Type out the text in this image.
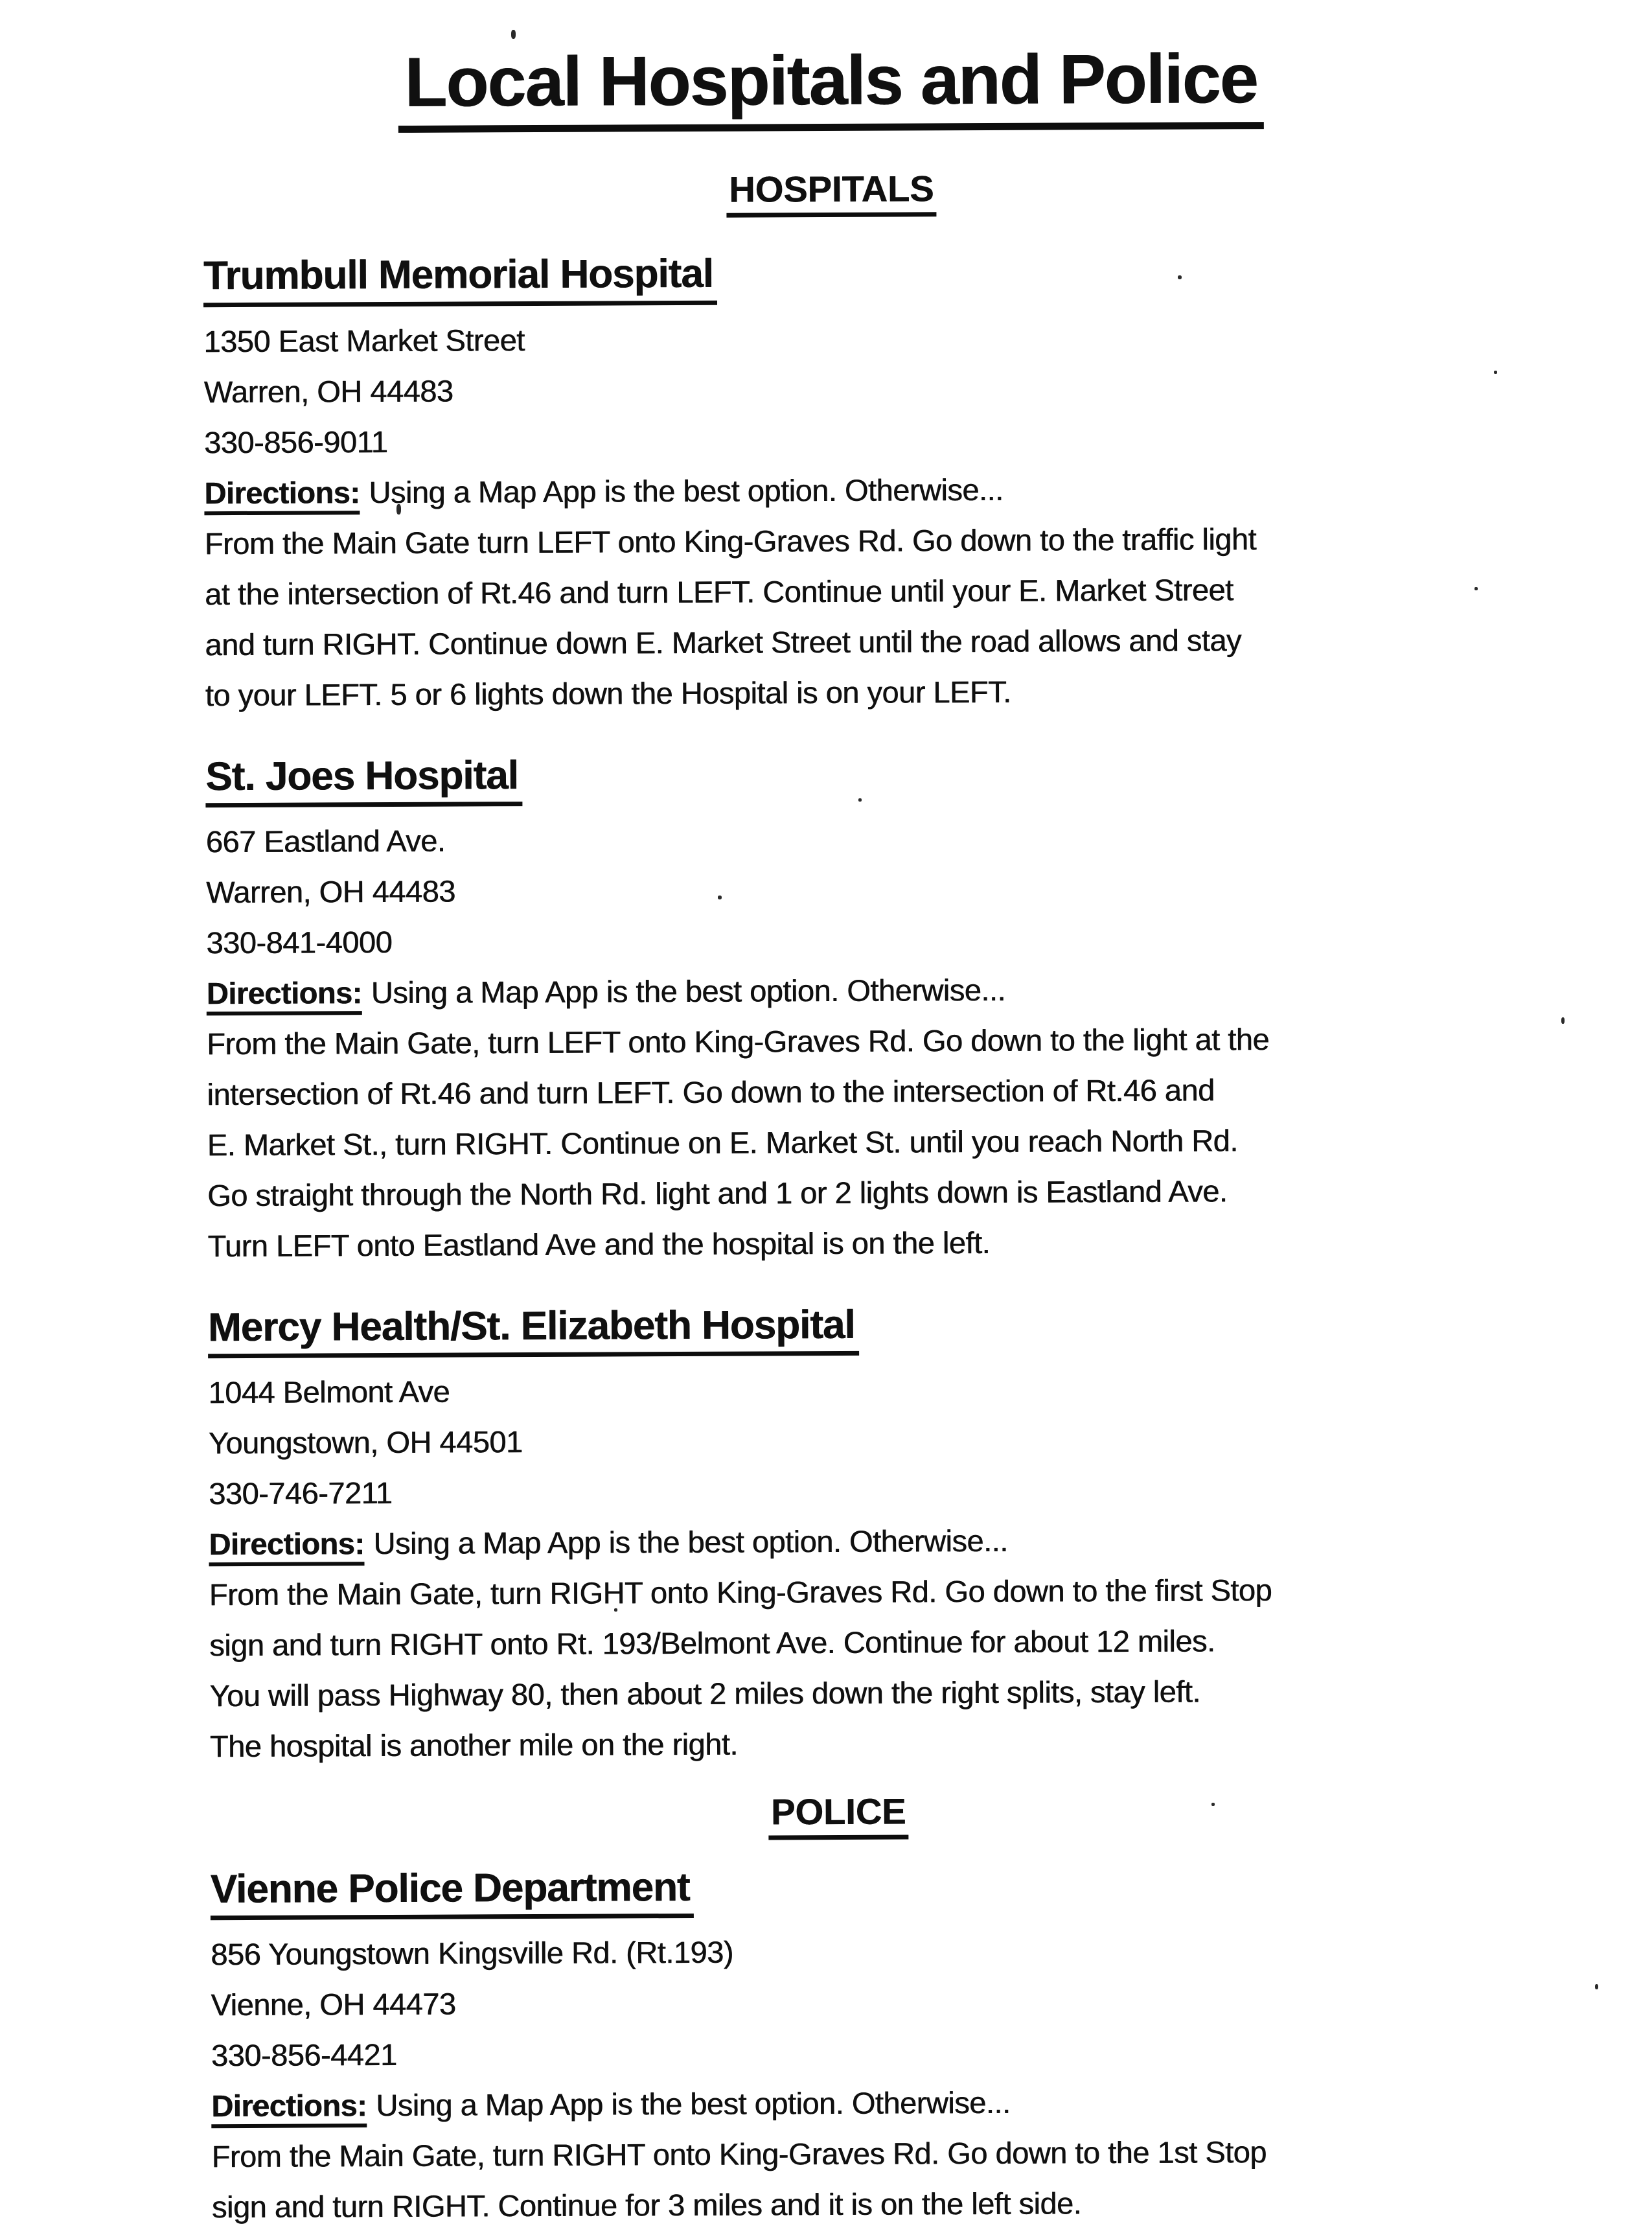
Local Hospitals and Police
HOSPITALS
Trumbull Memorial Hospital
1350 East Market Street
Warren, OH 44483
330-856-9011
Directions: Using a Map App is the best option. Otherwise...
From the Main Gate turn LEFT onto King-Graves Rd. Go down to the traffic light
at the intersection of Rt.46 and turn LEFT. Continue until your E. Market Street
and turn RIGHT. Continue down E. Market Street until the road allows and stay
to your LEFT. 5 or 6 lights down the Hospital is on your LEFT.
St. Joes Hospital
667 Eastland Ave.
Warren, OH 44483
330-841-4000
Directions: Using a Map App is the best option. Otherwise...
From the Main Gate, turn LEFT onto King-Graves Rd. Go down to the light at the
intersection of Rt.46 and turn LEFT. Go down to the intersection of Rt.46 and
E. Market St., turn RIGHT. Continue on E. Market St. until you reach North Rd.
Go straight through the North Rd. light and 1 or 2 lights down is Eastland Ave.
Turn LEFT onto Eastland Ave and the hospital is on the left.
Mercy Health/St. Elizabeth Hospital
1044 Belmont Ave
Youngstown, OH 44501
330-746-7211
Directions: Using a Map App is the best option. Otherwise...
From the Main Gate, turn RIGHT onto King-Graves Rd. Go down to the first Stop
sign and turn RIGHT onto Rt. 193/Belmont Ave. Continue for about 12 miles.
You will pass Highway 80, then about 2 miles down the right splits, stay left.
The hospital is another mile on the right.
POLICE
Vienne Police Department
856 Youngstown Kingsville Rd. (Rt.193)
Vienne, OH 44473
330-856-4421
Directions: Using a Map App is the best option. Otherwise...
From the Main Gate, turn RIGHT onto King-Graves Rd. Go down to the 1st Stop
sign and turn RIGHT. Continue for 3 miles and it is on the left side.
